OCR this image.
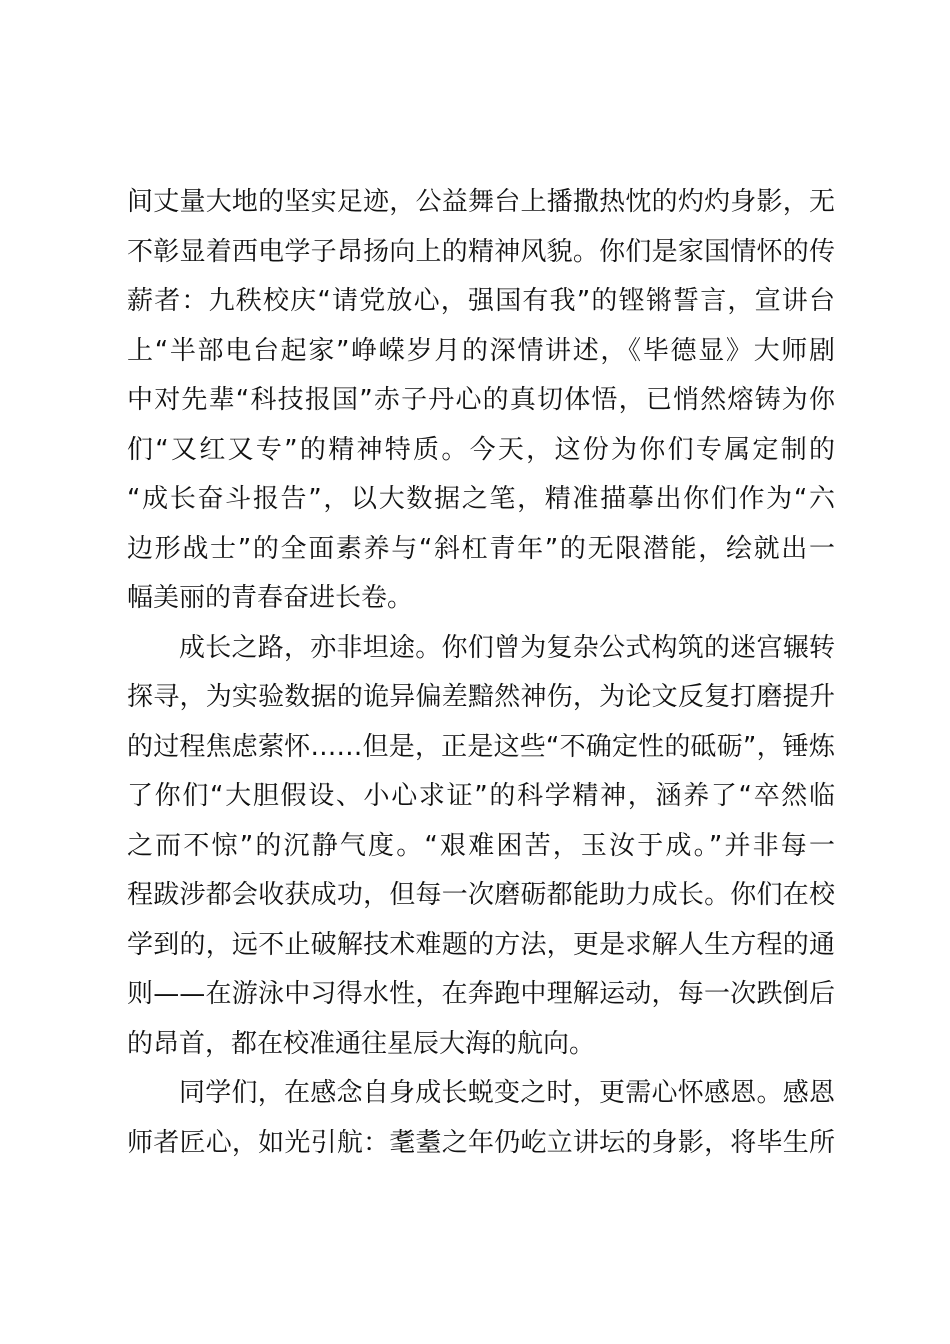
间丈量大地的坚实足迹，公益舞台上播撒热忱的灼灼身影，无
不彰显着西电学子昂扬向上的精神风貌。你们是家国情怀的传
薪者：九秩校庆“请党放心，强国有我”的铿锵誓言，宣讲台
上“半部电台起家”峥嵘岁月的深情讲述，《毕德显》大师剧
中对先辈“科技报国”赤子丹心的真切体悟，已悄然熔铸为你
们“又红又专”的精神特质。今天，这份为你们专属定制的
“成长奋斗报告”，以大数据之笔，精准描摹出你们作为“六
边形战士”的全面素养与“斜杠青年”的无限潜能，绘就出一
幅美丽的青春奋进长卷。
成长之路，亦非坦途。你们曾为复杂公式构筑的迷宫辗转
探寻，为实验数据的诡异偏差黯然神伤，为论文反复打磨提升
的过程焦虑萦怀……但是，正是这些“不确定性的砥砺”，锤炼
了你们“大胆假设、小心求证”的科学精神，涵养了“卒然临
之而不惊”的沉静气度。“艰难困苦，玉汝于成。”并非每一
程跋涉都会收获成功，但每一次磨砺都能助力成长。你们在校
学到的，远不止破解技术难题的方法，更是求解人生方程的通
则——在游泳中习得水性，在奔跑中理解运动，每一次跌倒后
的昂首，都在校准通往星辰大海的航向。
同学们，在感念自身成长蜕变之时，更需心怀感恩。感恩
师者匠心，如光引航：耄耋之年仍屹立讲坛的身影，将毕生所
